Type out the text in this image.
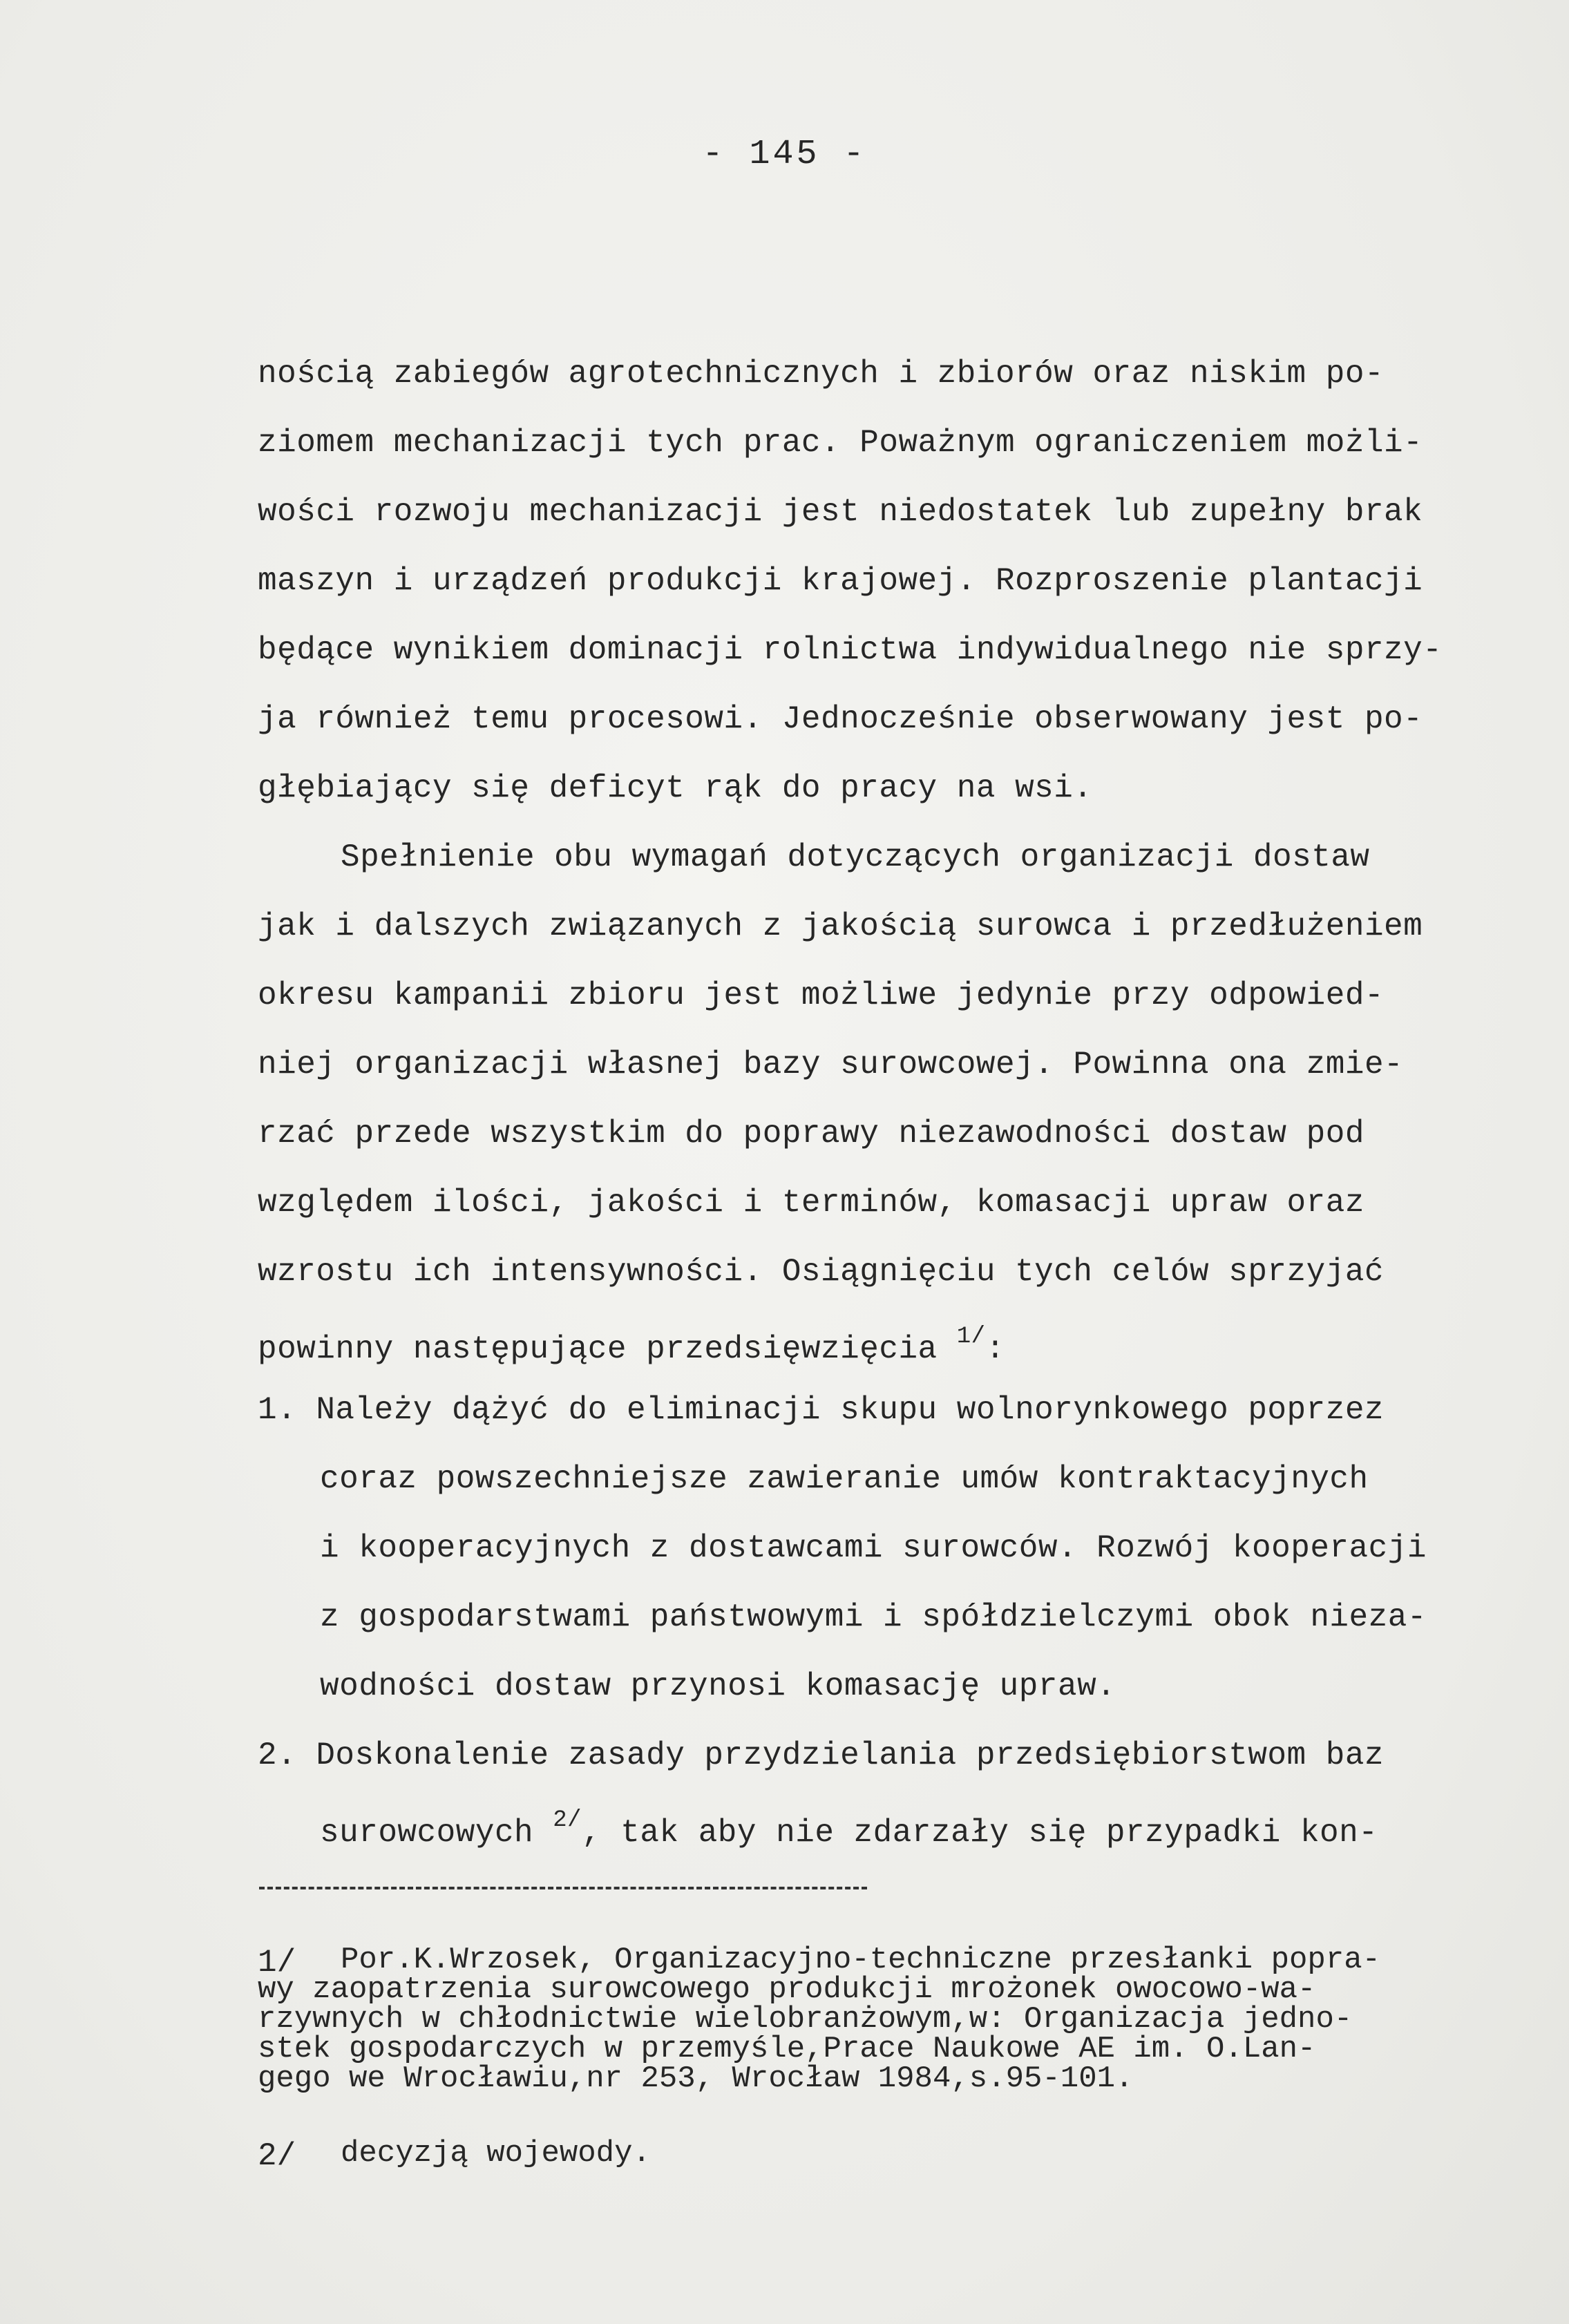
- 145 -
nością zabiegów agrotechnicznych i zbiorów oraz niskim po-
ziomem mechanizacji tych prac. Poważnym ograniczeniem możli-
wości rozwoju mechanizacji jest niedostatek lub zupełny brak
maszyn i urządzeń produkcji krajowej. Rozproszenie plantacji
będące wynikiem dominacji rolnictwa indywidualnego nie sprzy-
ja również temu procesowi. Jednocześnie obserwowany jest po-
głębiający się deficyt rąk do pracy na wsi.
Spełnienie obu wymagań dotyczących organizacji dostaw
jak i dalszych związanych z jakością surowca i przedłużeniem
okresu kampanii zbioru jest możliwe jedynie przy odpowied-
niej organizacji własnej bazy surowcowej. Powinna ona zmie-
rzać przede wszystkim do poprawy niezawodności dostaw pod
względem ilości, jakości i terminów, komasacji upraw oraz
wzrostu ich intensywności. Osiągnięciu tych celów sprzyjać
powinny następujące przedsięwzięcia $^{1/}$:
1. Należy dążyć do eliminacji skupu wolnorynkowego poprzez
coraz powszechniejsze zawieranie umów kontraktacyjnych
i kooperacyjnych z dostawcami surowców. Rozwój kooperacji
z gospodarstwami państwowymi i spółdzielczymi obok nieza-
wodności dostaw przynosi komasację upraw.
2. Doskonalenie zasady przydzielania przedsiębiorstwom baz
surowcowych $^{2/}$, tak aby nie zdarzały się przypadki kon-
1/ Por.K.Wrzosek, Organizacyjno-techniczne przesłanki popra-
wy zaopatrzenia surowcowego produkcji mrożonek owocowo-wa-
rzywnych w chłodnictwie wielobranżowym,w: Organizacja jedno-
stek gospodarczych w przemyśle,Prace Naukowe AE im. O.Lan-
gego we Wrocławiu,nr 253, Wrocław 1984,s.95-101.
2/ decyzją wojewody.
